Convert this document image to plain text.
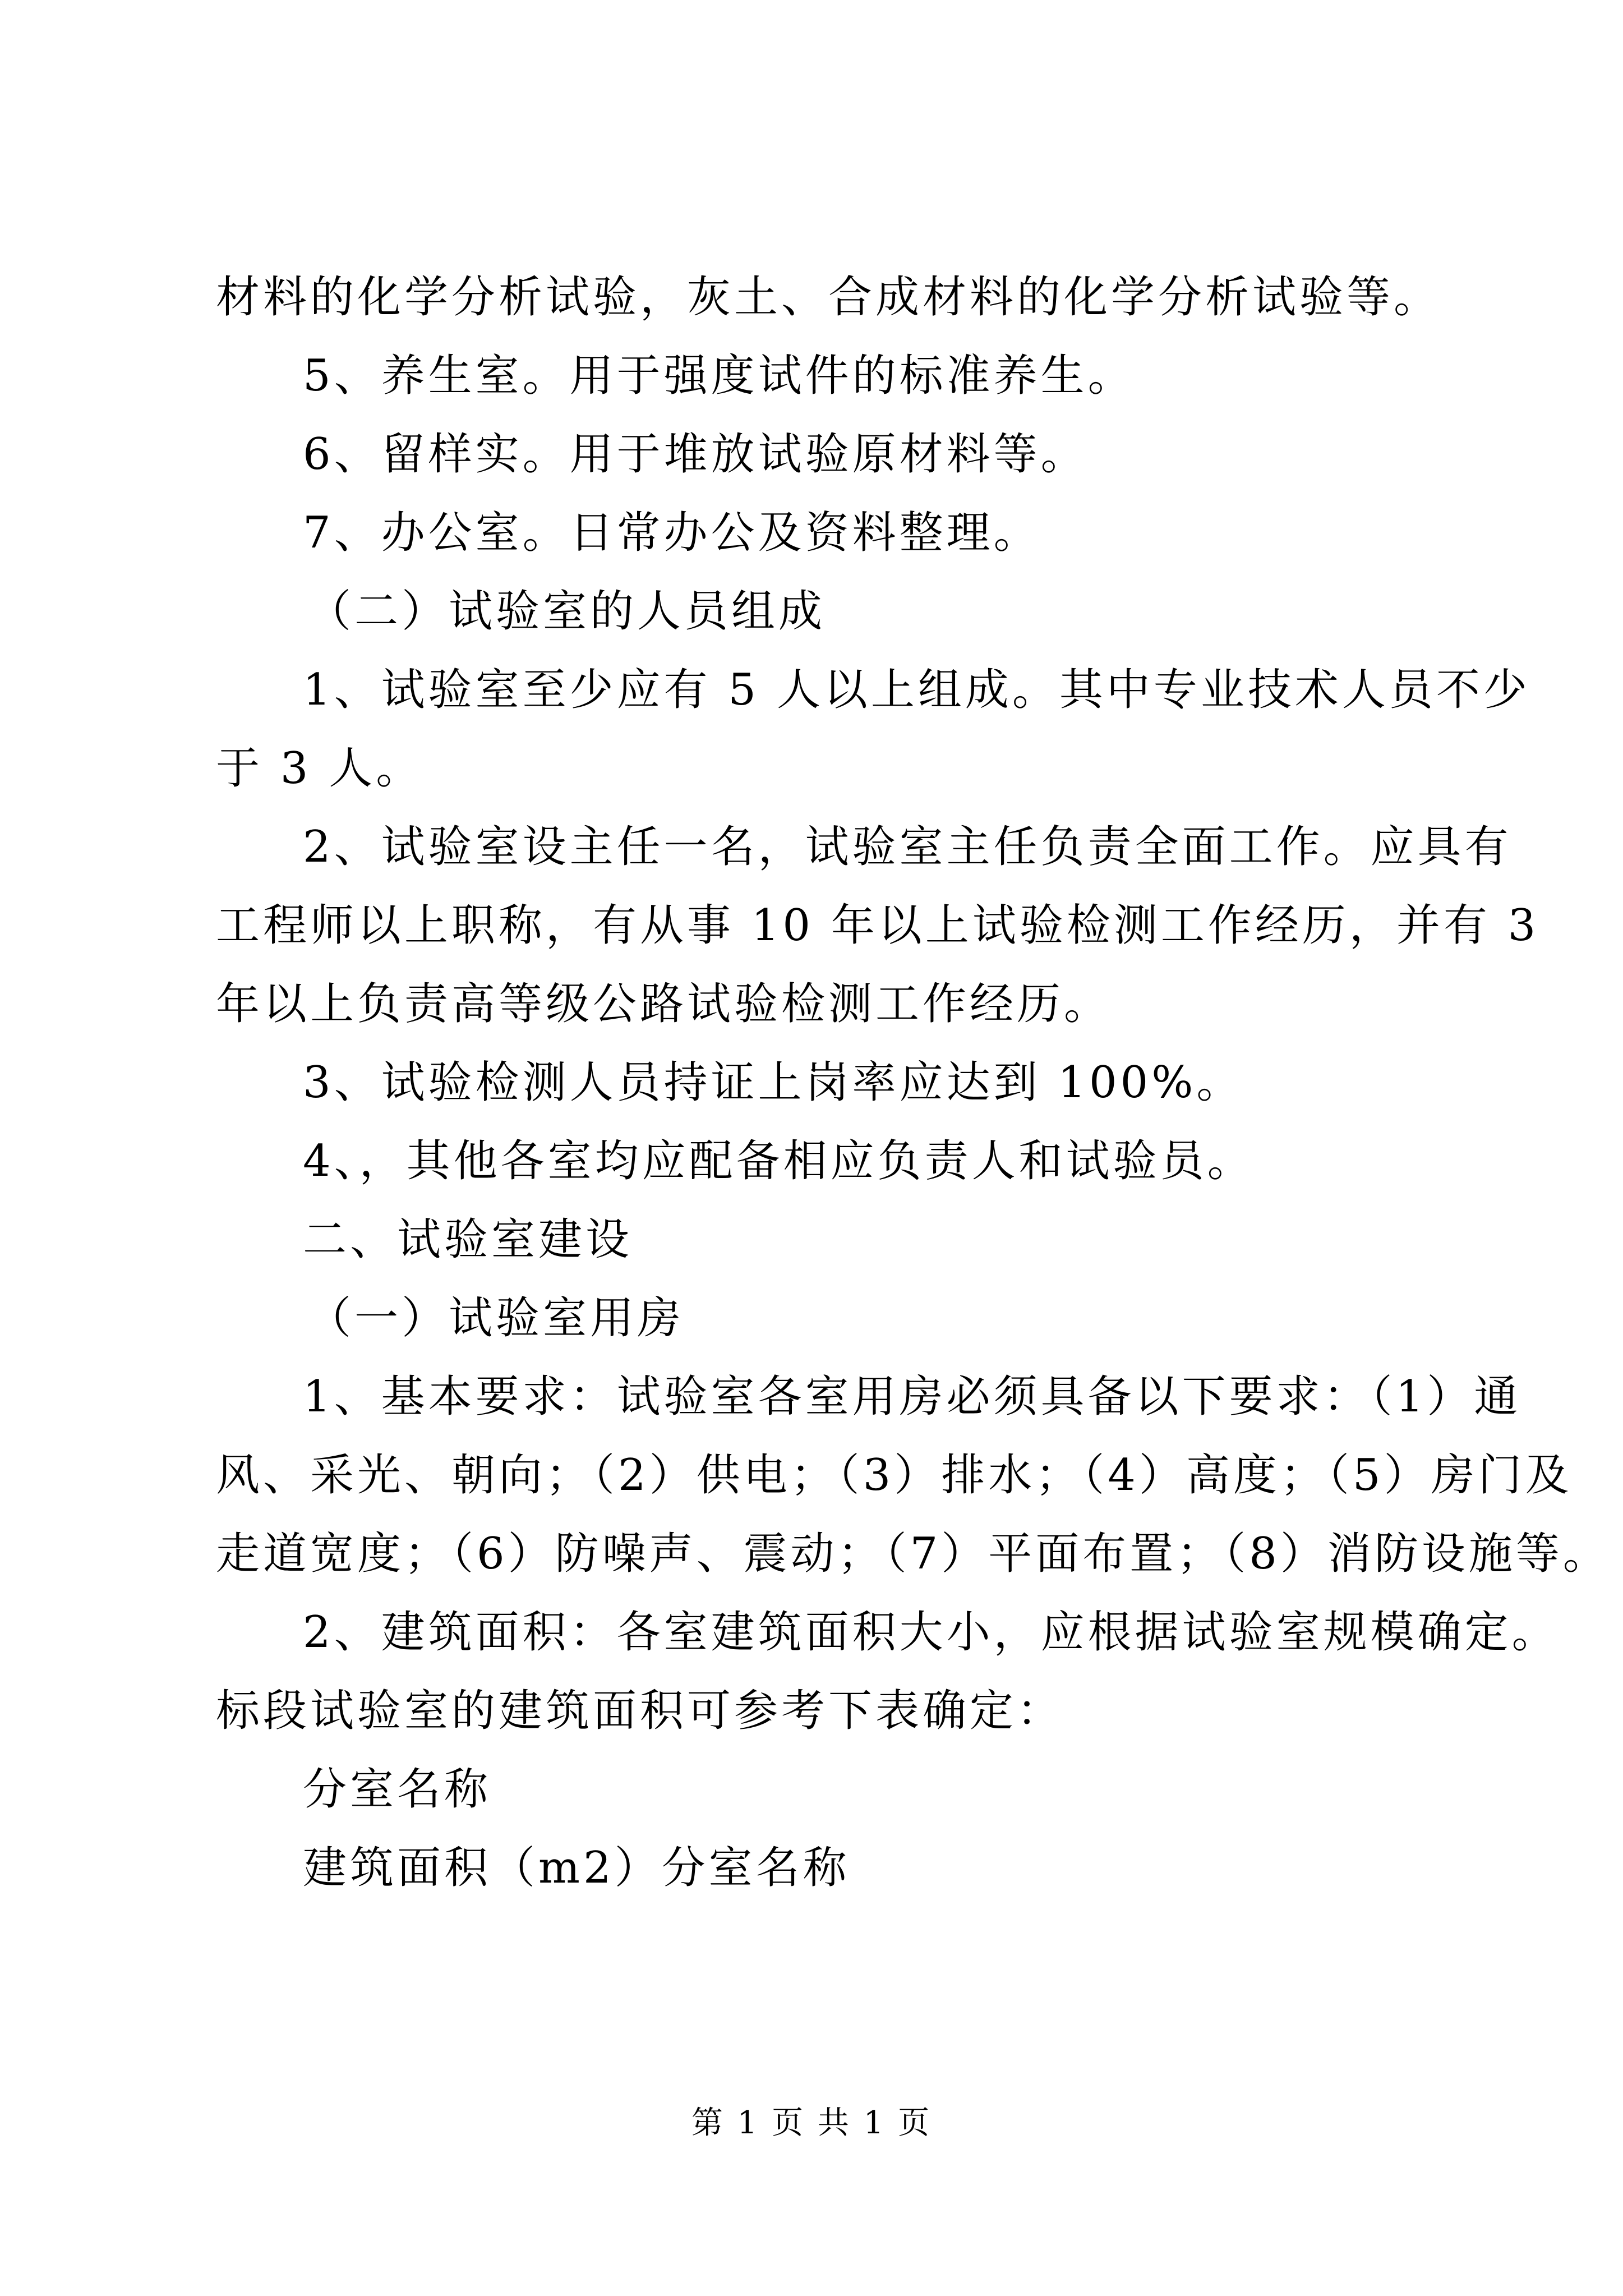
材料的化学分析试验，灰土、合成材料的化学分析试验等。
5、养生室。用于强度试件的标准养生。
6、留样实。用于堆放试验原材料等。
7、办公室。日常办公及资料整理。
（二）试验室的人员组成
1、试验室至少应有 5 人以上组成。其中专业技术人员不少
于 3 人。
2、试验室设主任一名，试验室主任负责全面工作。应具有
工程师以上职称，有从事 10 年以上试验检测工作经历，并有 3
年以上负责高等级公路试验检测工作经历。
3、试验检测人员持证上岗率应达到 100%。
4、，其他各室均应配备相应负责人和试验员。
二、试验室建设
（一）试验室用房
1、基本要求：试验室各室用房必须具备以下要求：（1）通
风、采光、朝向；（2）供电；（3）排水；（4）高度；（5）房门及
走道宽度；（6）防噪声、震动；（7）平面布置；（8）消防设施等。
2、建筑面积：各室建筑面积大小，应根据试验室规模确定。
标段试验室的建筑面积可参考下表确定：
分室名称
建筑面积（m2）分室名称
第 1 页 共 1 页
